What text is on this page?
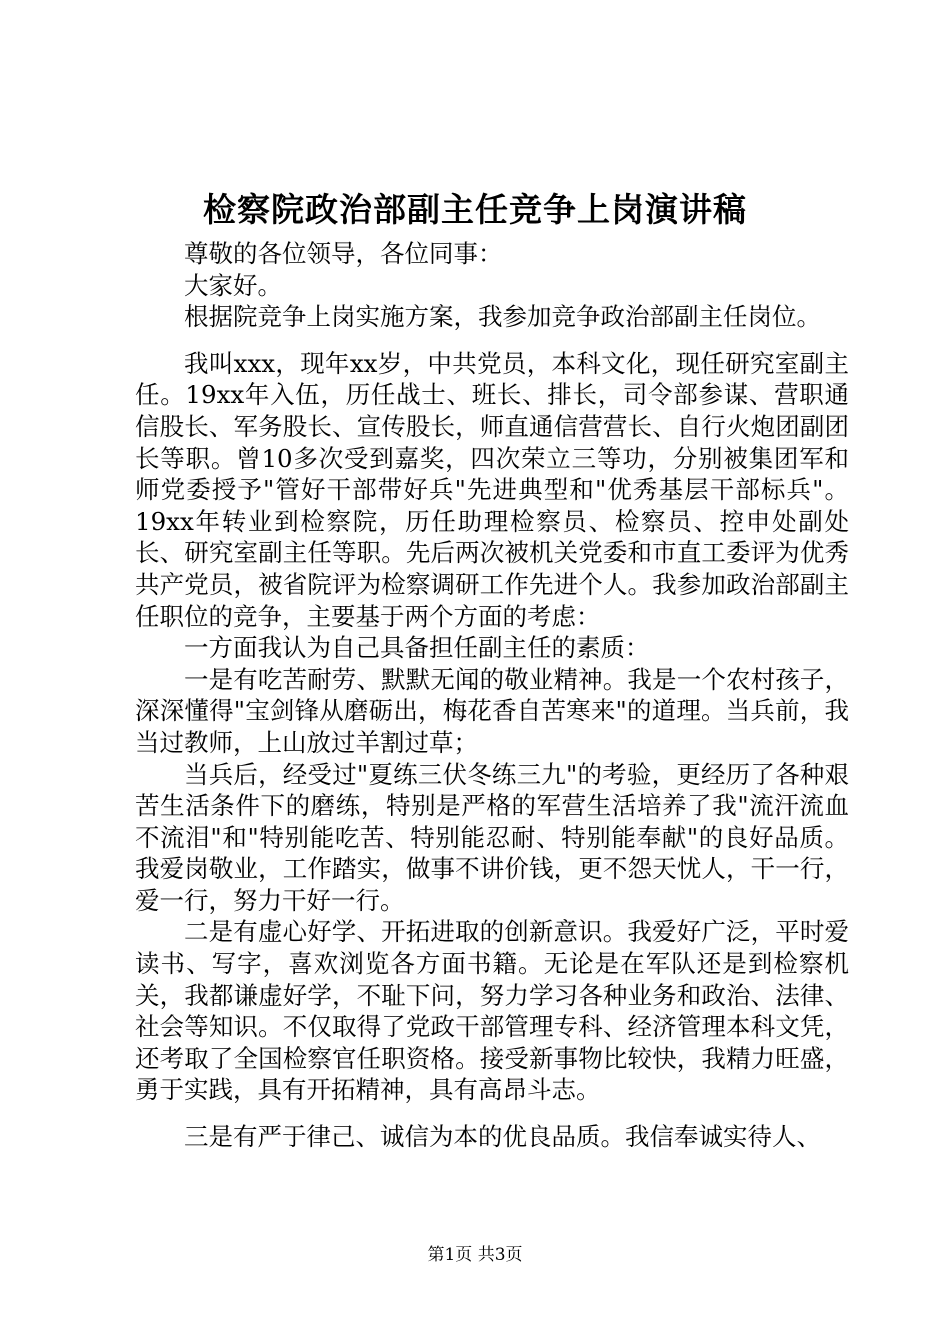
检察院政治部副主任竞争上岗演讲稿

尊敬的各位领导，各位同事：

大家好。

根据院竞争上岗实施方案，我参加竞争政治部副主任岗位。

我叫xxx，现年xx岁，中共党员，本科文化，现任研究室副主任。19xx年入伍，历任战士、班长、排长，司令部参谋、营职通信股长、军务股长、宣传股长，师直通信营营长、自行火炮团副团长等职。曾10多次受到嘉奖，四次荣立三等功，分别被集团军和师党委授予"管好干部带好兵"先进典型和"优秀基层干部标兵"。19xx年转业到检察院，历任助理检察员、检察员、控申处副处长、研究室副主任等职。先后两次被机关党委和市直工委评为优秀共产党员，被省院评为检察调研工作先进个人。我参加政治部副主任职位的竞争，主要基于两个方面的考虑：

一方面我认为自己具备担任副主任的素质：

一是有吃苦耐劳、默默无闻的敬业精神。我是一个农村孩子，深深懂得"宝剑锋从磨砺出，梅花香自苦寒来"的道理。当兵前，我当过教师，上山放过羊割过草；

当兵后，经受过"夏练三伏冬练三九"的考验，更经历了各种艰苦生活条件下的磨练，特别是严格的军营生活培养了我"流汗流血不流泪"和"特别能吃苦、特别能忍耐、特别能奉献"的良好品质。我爱岗敬业，工作踏实，做事不讲价钱，更不怨天忧人，干一行，爱一行，努力干好一行。

二是有虚心好学、开拓进取的创新意识。我爱好广泛，平时爱读书、写字，喜欢浏览各方面书籍。无论是在军队还是到检察机关，我都谦虚好学，不耻下问，努力学习各种业务和政治、法律、社会等知识。不仅取得了党政干部管理专科、经济管理本科文凭，还考取了全国检察官任职资格。接受新事物比较快，我精力旺盛，勇于实践，具有开拓精神，具有高昂斗志。

三是有严于律己、诚信为本的优良品质。我信奉诚实待人、

第1页 共3页
